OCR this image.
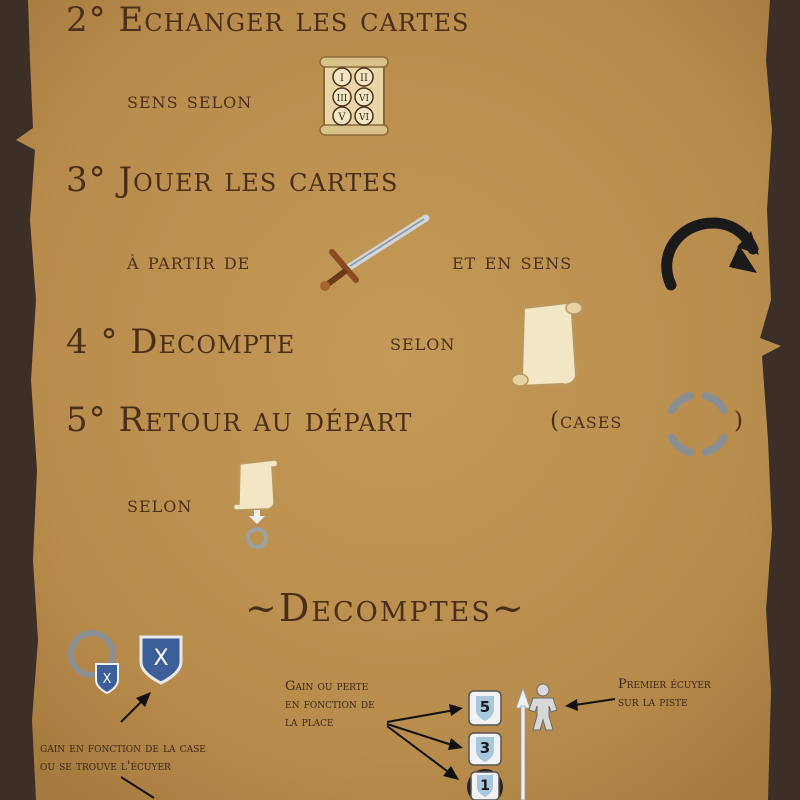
2° Echanger les cartes
sens selon
I II
III VI
V VI
3° Jouer les cartes
à partir de	et en sens
4 ° Decompte	selon
5° Retour au départ	(cases	)
selon
~Decomptes~
X
X
gain en fonction de la case
ou se trouve l'écuyer
Gain ou perte
en fonction de
la place
5
3
1
Premier écuyer
sur la piste
